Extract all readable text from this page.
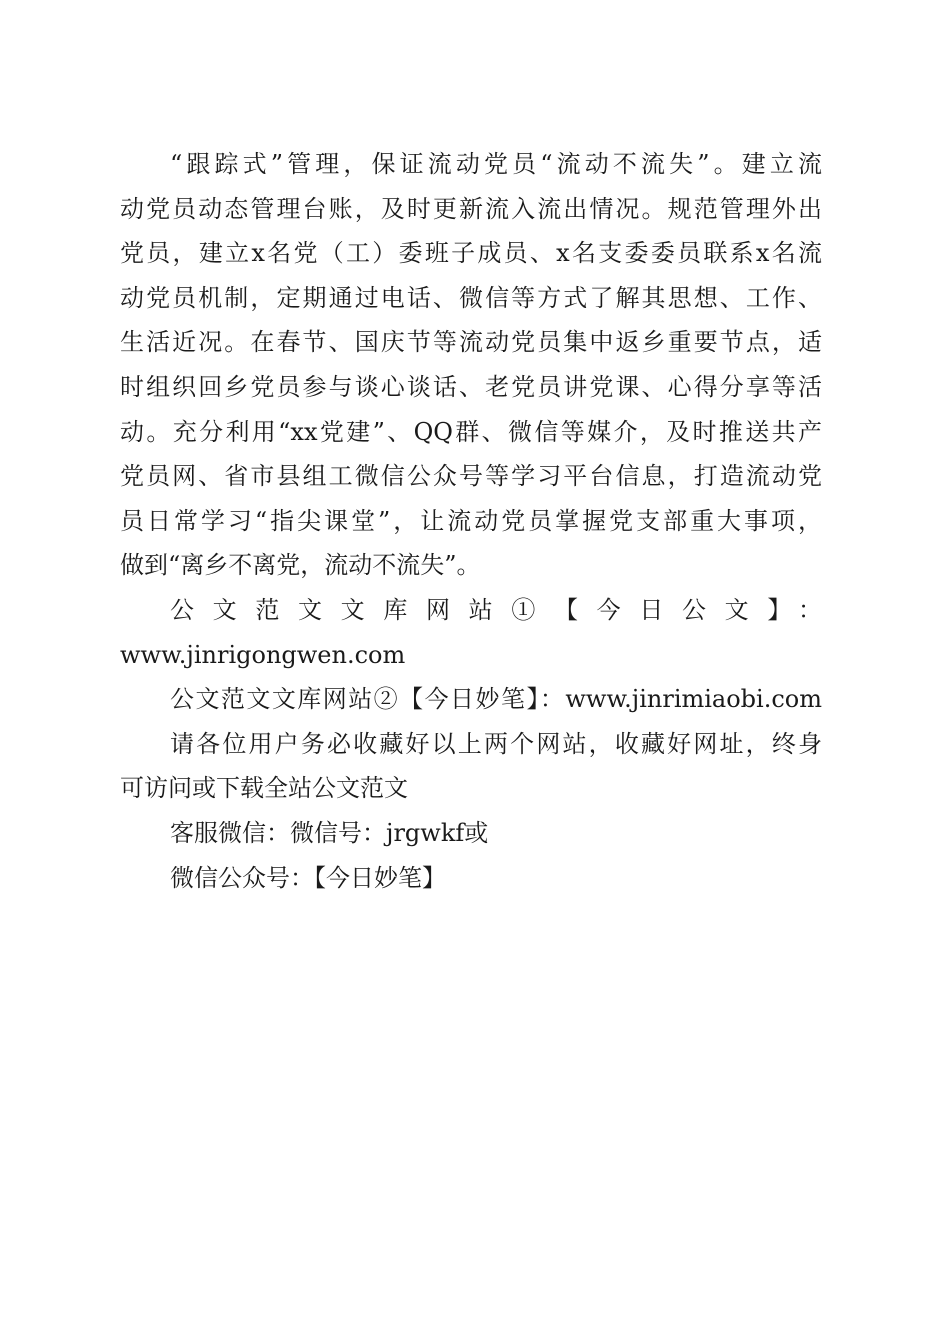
“跟踪式”管理，保证流动党员“流动不流失”。建立流
动党员动态管理台账，及时更新流入流出情况。规范管理外出
党员，建立x名党（工）委班子成员、x名支委委员联系x名流
动党员机制，定期通过电话、微信等方式了解其思想、工作、
生活近况。在春节、国庆节等流动党员集中返乡重要节点，适
时组织回乡党员参与谈心谈话、老党员讲党课、心得分享等活
动。充分利用“xx党建”、QQ群、微信等媒介，及时推送共产
党员网、省市县组工微信公众号等学习平台信息，打造流动党
员日常学习“指尖课堂”，让流动党员掌握党支部重大事项，
做到“离乡不离党，流动不流失”。
公文范文文库网站①【今日公文】：
www.jinrigongwen.com
公文范文文库网站②【今日妙笔】：www.jinrimiaobi.com
请各位用户务必收藏好以上两个网站，收藏好网址，终身
可访问或下载全站公文范文
客服微信：微信号：jrgwkf或
微信公众号：【今日妙笔】
